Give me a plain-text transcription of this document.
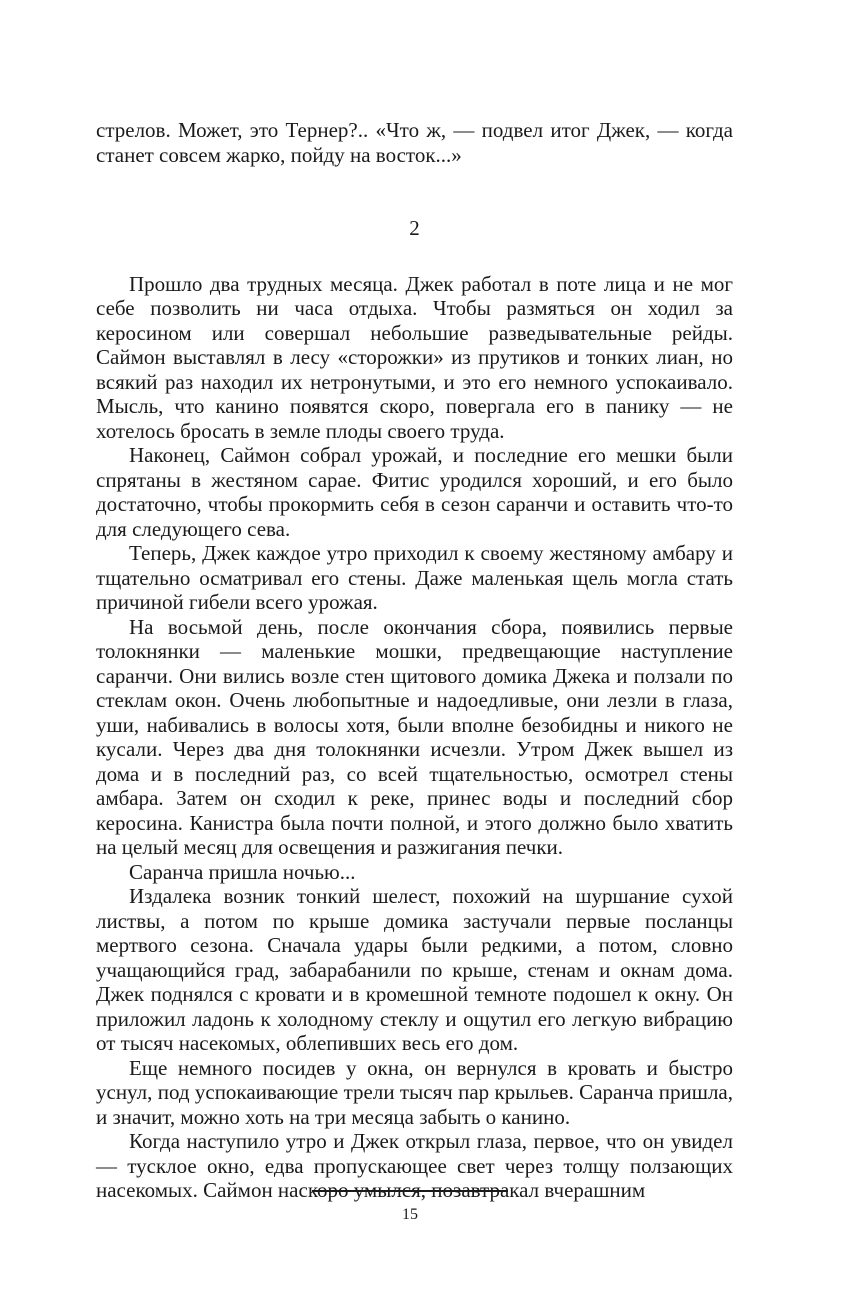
стрелов. Может, это Тернер?.. «Что ж, — подвел итог Джек, — когда станет совсем жарко, пойду на восток...»

2

Прошло два трудных месяца. Джек работал в поте лица и не мог себе позволить ни часа отдыха. Чтобы размяться он ходил за керосином или совершал небольшие разведывательные рейды. Саймон выставлял в лесу «сторожки» из прутиков и тонких лиан, но всякий раз находил их нетронутыми, и это его немного успокаивало. Мысль, что канино появятся скоро, повергала его в панику — не хотелось бросать в земле плоды своего труда.

Наконец, Саймон собрал урожай, и последние его мешки были спрятаны в жестяном сарае. Фитис уродился хороший, и его было достаточно, чтобы прокормить себя в сезон саранчи и оставить что-то для следующего сева.

Теперь, Джек каждое утро приходил к своему жестяному амбару и тщательно осматривал его стены. Даже маленькая щель могла стать причиной гибели всего урожая.

На восьмой день, после окончания сбора, появились первые толокнянки — маленькие мошки, предвещающие наступление саранчи. Они вились возле стен щитового домика Джека и ползали по стеклам окон. Очень любопытные и надоедливые, они лезли в глаза, уши, набивались в волосы хотя, были вполне безобидны и никого не кусали. Через два дня толокнянки исчезли. Утром Джек вышел из дома и в последний раз, со всей тщательностью, осмотрел стены амбара. Затем он сходил к реке, принес воды и последний сбор керосина. Канистра была почти полной, и этого должно было хватить на целый месяц для освещения и разжигания печки.

Саранча пришла ночью...

Издалека возник тонкий шелест, похожий на шуршание сухой листвы, а потом по крыше домика застучали первые посланцы мертвого сезона. Сначала удары были редкими, а потом, словно учащающийся град, забарабанили по крыше, стенам и окнам дома. Джек поднялся с кровати и в кромешной темноте подошел к окну. Он приложил ладонь к холодному стеклу и ощутил его легкую вибрацию от тысяч насекомых, облепивших весь его дом.

Еще немного посидев у окна, он вернулся в кровать и быстро уснул, под успокаивающие трели тысяч пар крыльев. Саранча пришла, и значит, можно хоть на три месяца забыть о канино.

Когда наступило утро и Джек открыл глаза, первое, что он увидел — тусклое окно, едва пропускающее свет через толщу ползающих насекомых. Саймон наскоро умылся, позавтракал вчерашним

15
